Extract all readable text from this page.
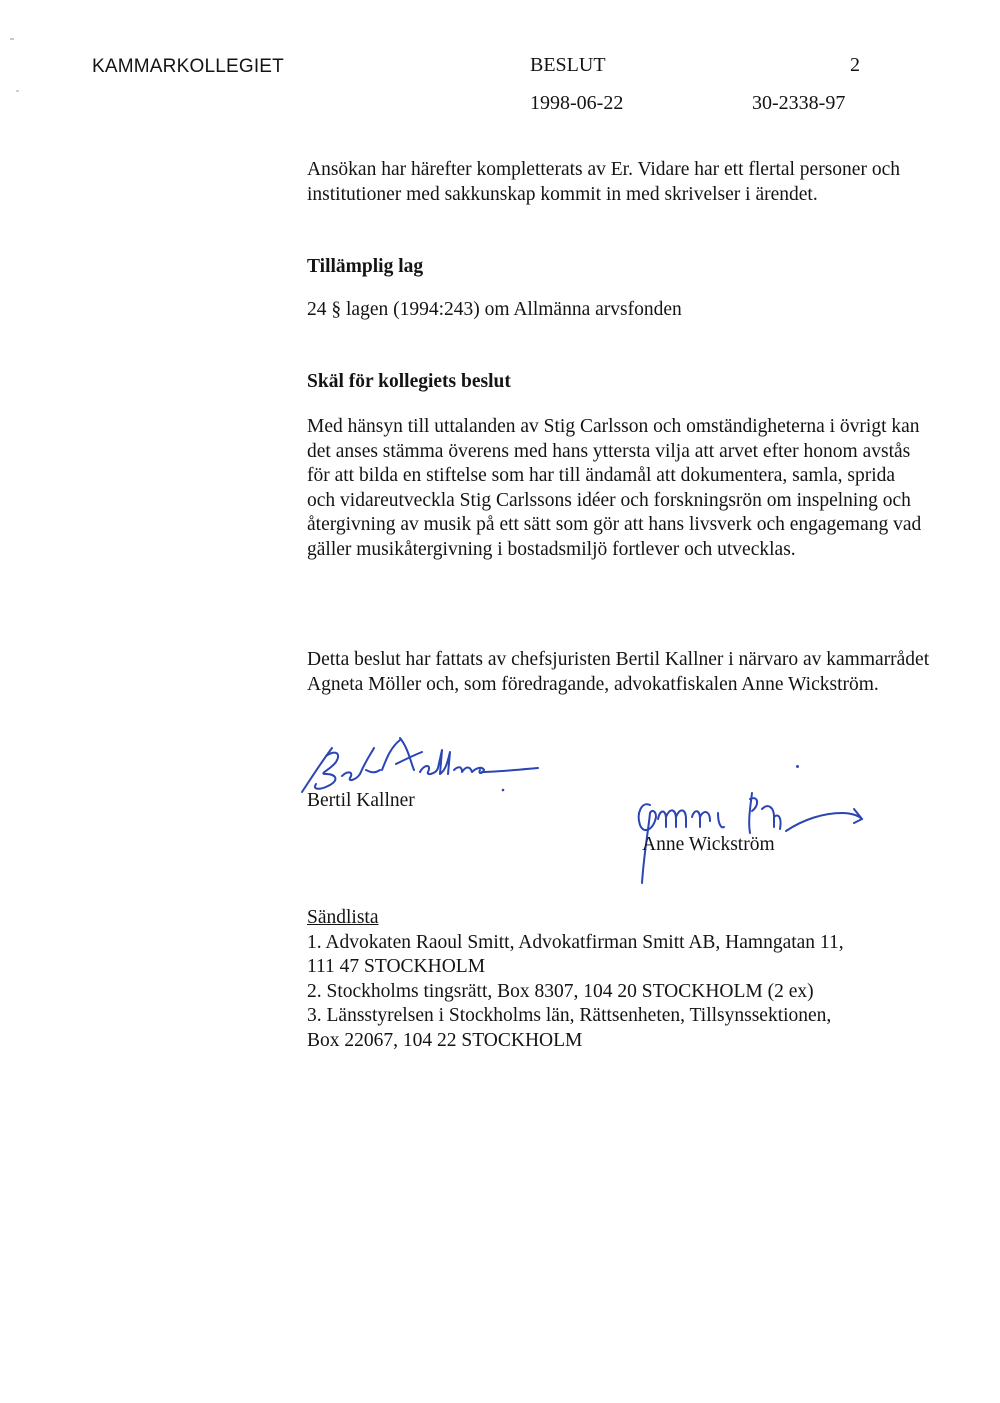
KAMMARKOLLEGIET	BESLUT	2
1998-06-22	30-2338-97
Ansökan har härefter kompletterats av Er. Vidare har ett flertal personer och institutioner med sakkunskap kommit in med skrivelser i ärendet.
Tillämplig lag
24 § lagen (1994:243) om Allmänna arvsfonden
Skäl för kollegiets beslut
Med hänsyn till uttalanden av Stig Carlsson och omständigheterna i övrigt kan det anses stämma överens med hans yttersta vilja att arvet efter honom avstås för att bilda en stiftelse som har till ändamål att dokumentera, samla, sprida och vidareutveckla Stig Carlssons idéer och forskningsrön om inspelning och återgivning av musik på ett sätt som gör att hans livsverk och engagemang vad gäller musikåtergivning i bostadsmiljö fortlever och utvecklas.
Detta beslut har fattats av chefsjuristen Bertil Kallner i närvaro av kammarrådet Agneta Möller och, som föredragande, advokatfiskalen Anne Wickström.
Bertil Kallner
Anne Wickström
Sändlista
1. Advokaten Raoul Smitt, Advokatfirman Smitt AB, Hamngatan 11,
111 47 STOCKHOLM
2. Stockholms tingsrätt, Box 8307, 104 20 STOCKHOLM (2 ex)
3. Länsstyrelsen i Stockholms län, Rättsenheten, Tillsynssektionen,
Box 22067, 104 22 STOCKHOLM
